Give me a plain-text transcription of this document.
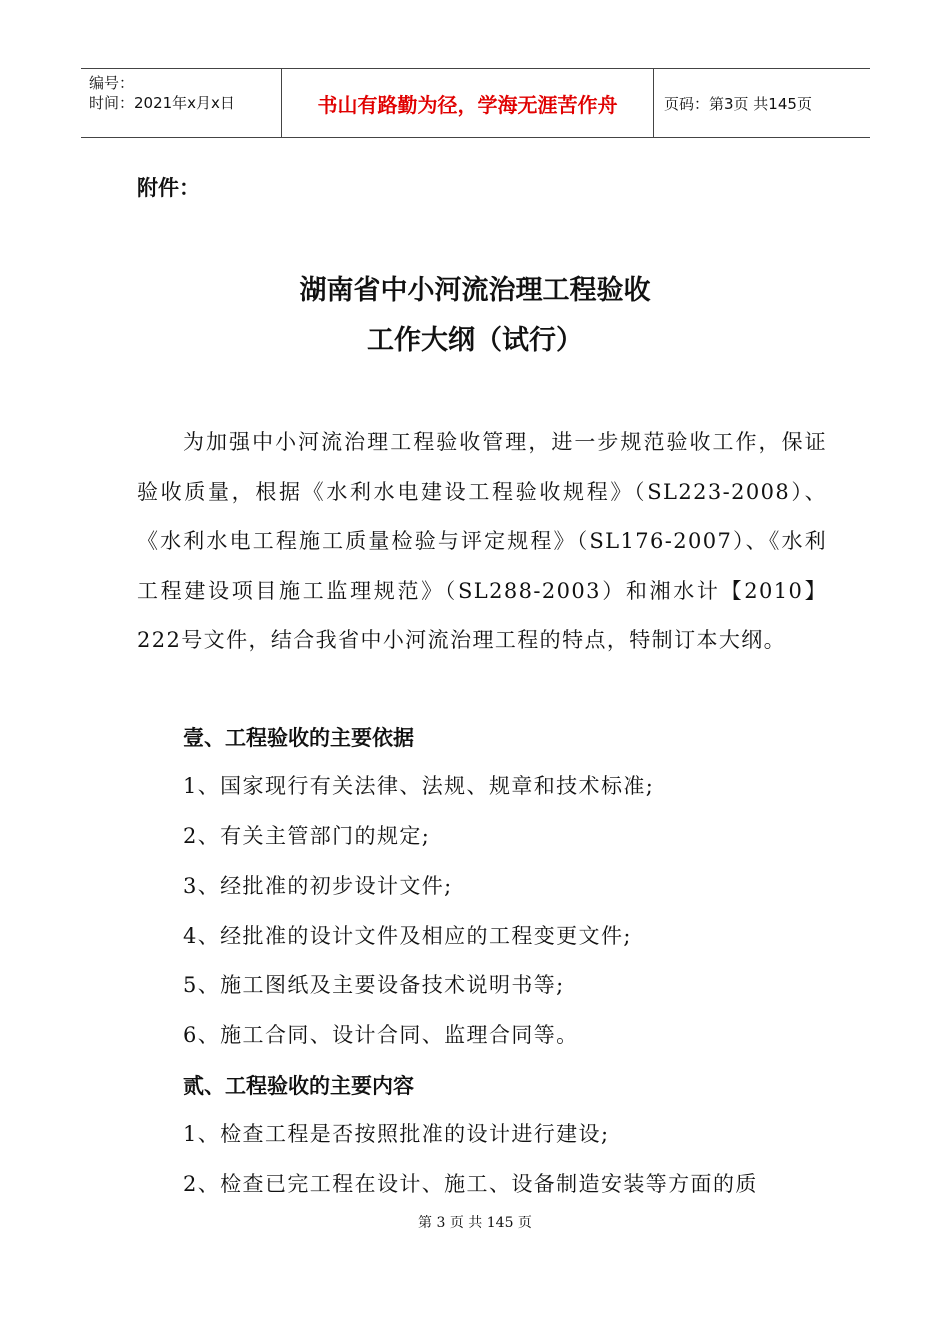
编号：
时间：2021年x月x日	书山有路勤为径，学海无涯苦作舟	页码：第3页 共145页
附件：
湖南省中小河流治理工程验收
工作大纲（试行）
为加强中小河流治理工程验收管理，进一步规范验收工作，保证验收质量，根据《水利水电建设工程验收规程》（SL223-2008）、《水利水电工程施工质量检验与评定规程》（SL176-2007）、《水利工程建设项目施工监理规范》（SL288-2003）和湘水计【2010】222号文件，结合我省中小河流治理工程的特点，特制订本大纲。
壹、工程验收的主要依据
1、国家现行有关法律、法规、规章和技术标准;
2、有关主管部门的规定;
3、经批准的初步设计文件;
4、经批准的设计文件及相应的工程变更文件;
5、施工图纸及主要设备技术说明书等;
6、施工合同、设计合同、监理合同等。
贰、工程验收的主要内容
1、检查工程是否按照批准的设计进行建设;
2、检查已完工程在设计、施工、设备制造安装等方面的质
第 3 页 共 145 页
